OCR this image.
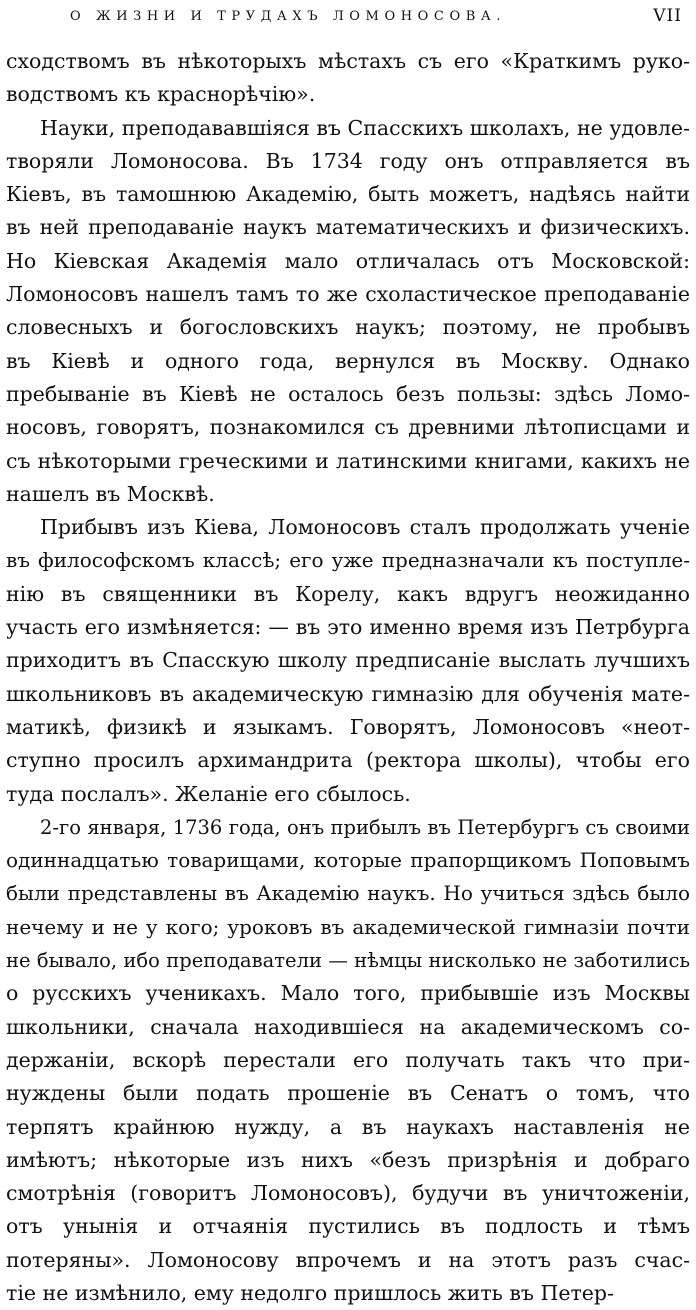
О ЖИЗНИ И ТРУДАХЪ ЛОМОНОСОВА.	VII
сходствомъ въ нѣкоторыхъ мѣстахъ съ его «Краткимъ руко-
водствомъ къ краснорѣчію».
Науки, преподававшiяся въ Спасскихъ школахъ, не удовле-
творяли Ломоносова. Въ 1734 году онъ отправляется въ
Кіевъ, въ тамошнюю Академію, быть можетъ, надѣясь найти
въ ней преподаванiе наукъ математическихъ и физическихъ.
Но Кіевская Академія мало отличалась отъ Московской:
Ломоносовъ нашелъ тамъ то же схоластическое преподаванiе
словесныхъ и богословскихъ наукъ; поэтому, не пробывъ
въ Кіевѣ и одного года, вернулся въ Москву. Однако
пребыванiе въ Кіевѣ не осталось безъ пользы: здѣсь Ломо-
носовъ, говорятъ, познакомился съ древними лѣтописцами и
съ нѣкоторыми греческими и латинскими книгами, какихъ не
нашелъ въ Москвѣ.
Прибывъ изъ Кіева, Ломоносовъ сталъ продолжать ученiе
въ философскомъ классѣ; его уже предназначали къ поступле-
нiю въ священники въ Корелу, какъ вдругъ неожиданно
участь его измѣняется: — въ это именно время изъ Петрбурга
приходитъ въ Спасскую школу предписанiе выслать лучшихъ
школьниковъ въ академическую гимназiю для обученія мате-
матикѣ, физикѣ и языкамъ. Говорятъ, Ломоносовъ «неот-
ступно просилъ архимандрита (ректора школы), чтобы его
туда послалъ». Желанiе его сбылось.
2-го января, 1736 года, онъ прибылъ въ Петербургъ съ своими
одиннадцатью товарищами, которые прапорщикомъ Поповымъ
были представлены въ Академію наукъ. Но учиться здѣсь было
нечему и не у кого; уроковъ въ академической гимназiи почти
не бывало, ибо преподаватели — нѣмцы нисколько не заботились
о русскихъ ученикахъ. Мало того, прибывшiе изъ Москвы
школьники, сначала находившiеся на академическомъ со-
держанiи, вскорѣ перестали его получать такъ что при-
нуждены были подать прошенiе въ Сенатъ о томъ, что
терпятъ крайнюю нужду, а въ наукахъ наставленія не
имѣютъ; нѣкоторые изъ нихъ «безъ призрѣнія и добраго
смотрѣнія (говоритъ Ломоносовъ), будучи въ уничтоженiи,
отъ унынiя и отчаянія пустились въ подлость и тѣмъ
потеряны». Ломоносову впрочемъ и на этотъ разъ счас-
тiе не измѣнило, ему недолго пришлось жить въ Петер-
